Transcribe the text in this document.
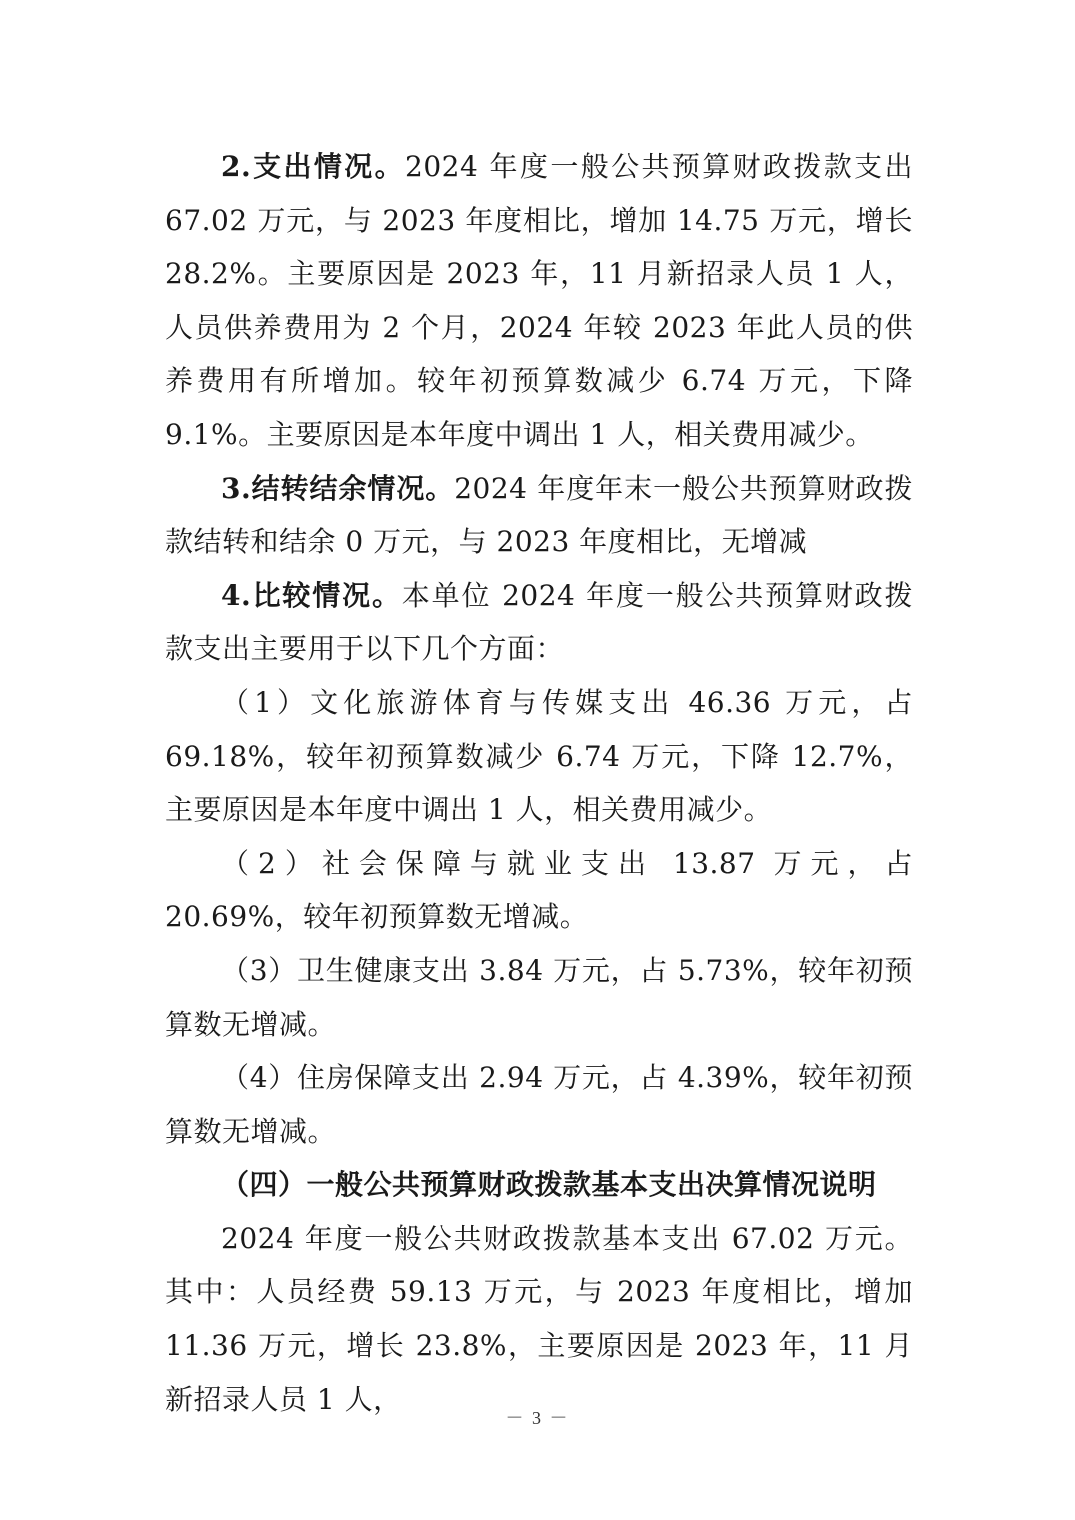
2.支出情况。2024 年度一般公共预算财政拨款支出 67.02 万元，与 2023 年度相比，增加 14.75 万元，增长 28.2%。主要原因是 2023 年，11 月新招录人员 1 人，人员供养费用为 2 个月，2024 年较 2023 年此人员的供养费用有所增加。较年初预算数减少 6.74 万元，下降 9.1%。主要原因是本年度中调出 1 人，相关费用减少。

3.结转结余情况。2024 年度年末一般公共预算财政拨款结转和结余 0 万元，与 2023 年度相比，无增减

4.比较情况。本单位 2024 年度一般公共预算财政拨款支出主要用于以下几个方面：

（1）文化旅游体育与传媒支出 46.36 万元，占 69.18%，较年初预算数减少 6.74 万元，下降 12.7%，主要原因是本年度中调出 1 人，相关费用减少。

（2）社会保障与就业支出 13.87 万元，占 20.69%，较年初预算数无增减。

（3）卫生健康支出 3.84 万元，占 5.73%，较年初预算数无增减。

（4）住房保障支出 2.94 万元，占 4.39%，较年初预算数无增减。

（四）一般公共预算财政拨款基本支出决算情况说明

2024 年度一般公共财政拨款基本支出 67.02 万元。其中：人员经费 59.13 万元，与 2023 年度相比，增加 11.36 万元，增长 23.8%，主要原因是 2023 年，11 月新招录人员 1 人，

－ 3 －
